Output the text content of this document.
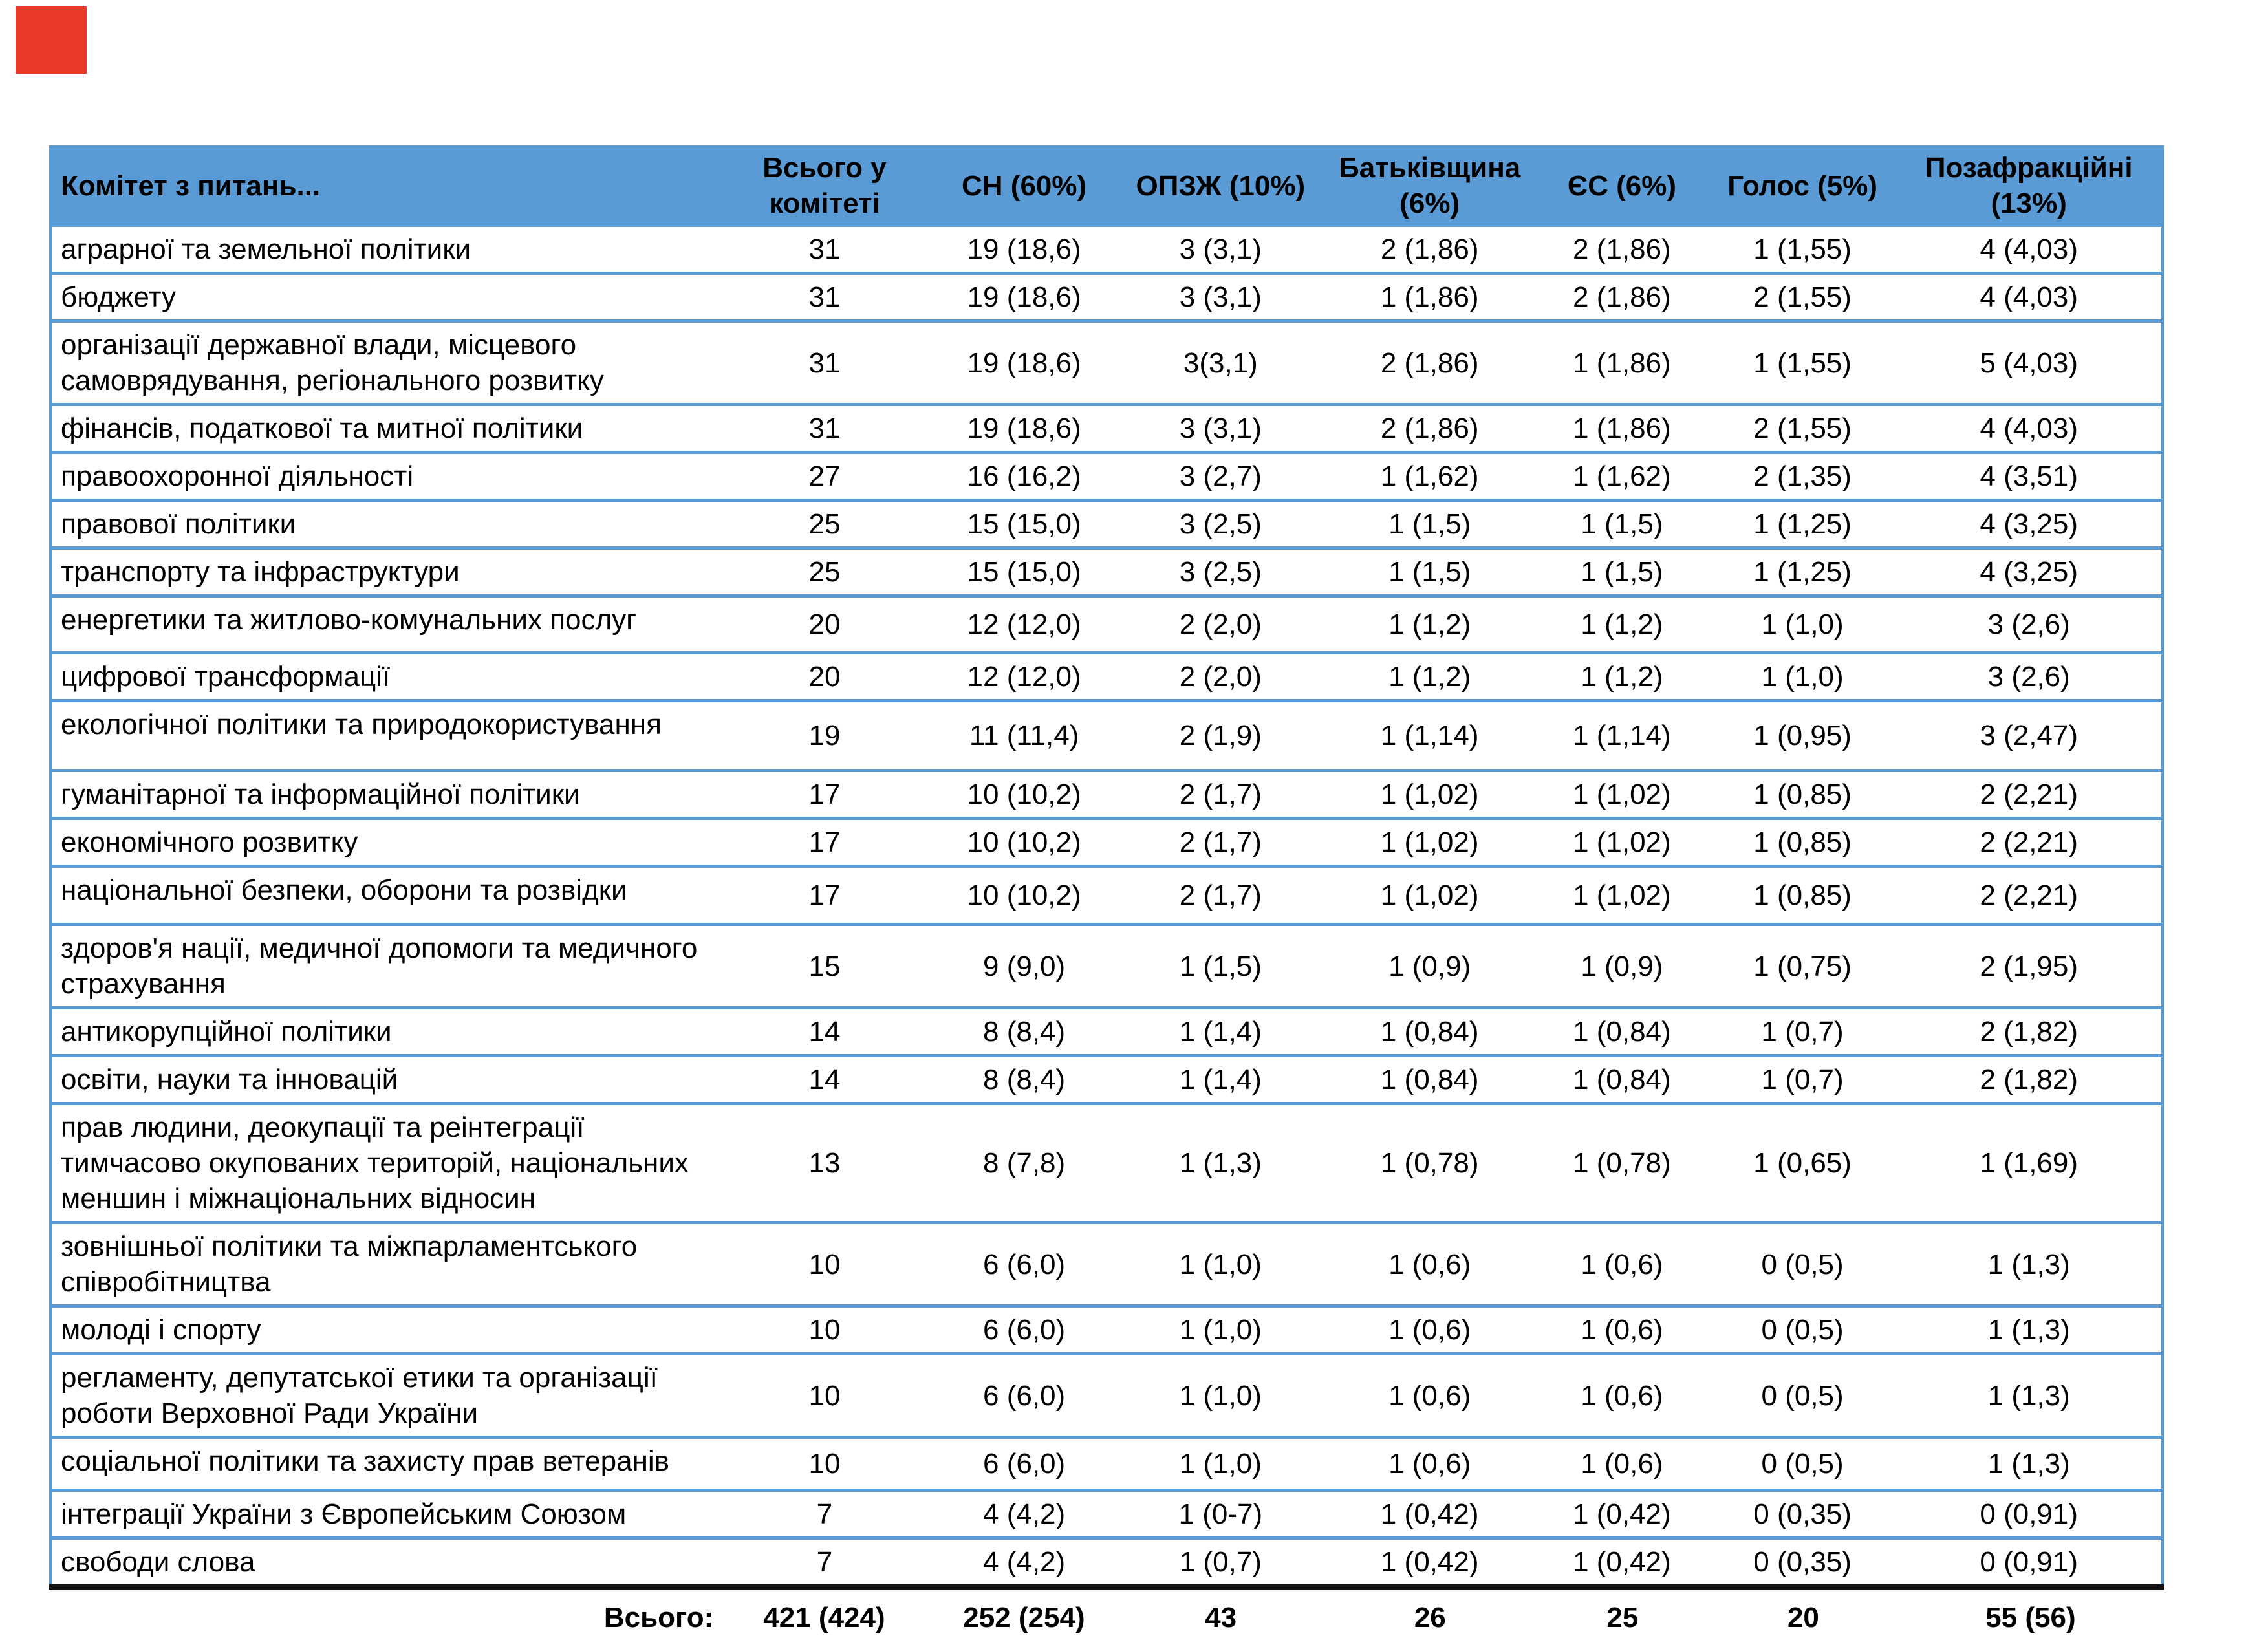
Комітет з питань...	Всього у комітеті	СН (60%)	ОПЗЖ (10%)	Батьківщина (6%)	ЄС (6%)	Голос (5%)	Позафракційні (13%)
аграрної та земельної політики	31	19 (18,6)	3 (3,1)	2 (1,86)	2 (1,86)	1 (1,55)	4 (4,03)
бюджету	31	19 (18,6)	3 (3,1)	1 (1,86)	2 (1,86)	2 (1,55)	4 (4,03)
організації державної влади, місцевого самоврядування, регіонального розвитку	31	19 (18,6)	3(3,1)	2 (1,86)	1 (1,86)	1 (1,55)	5 (4,03)
фінансів, податкової та митної політики	31	19 (18,6)	3 (3,1)	2 (1,86)	1 (1,86)	2 (1,55)	4 (4,03)
правоохоронної діяльності	27	16 (16,2)	3 (2,7)	1 (1,62)	1 (1,62)	2 (1,35)	4 (3,51)
правової політики	25	15 (15,0)	3 (2,5)	1 (1,5)	1 (1,5)	1 (1,25)	4 (3,25)
транспорту та інфраструктури	25	15 (15,0)	3 (2,5)	1 (1,5)	1 (1,5)	1 (1,25)	4 (3,25)
енергетики та житлово-комунальних послуг	20	12 (12,0)	2 (2,0)	1 (1,2)	1 (1,2)	1 (1,0)	3 (2,6)
цифрової трансформації	20	12 (12,0)	2 (2,0)	1 (1,2)	1 (1,2)	1 (1,0)	3 (2,6)
екологічної політики та природокористування	19	11 (11,4)	2 (1,9)	1 (1,14)	1 (1,14)	1 (0,95)	3 (2,47)
гуманітарної та інформаційної політики	17	10 (10,2)	2 (1,7)	1 (1,02)	1 (1,02)	1 (0,85)	2 (2,21)
економічного розвитку	17	10 (10,2)	2 (1,7)	1 (1,02)	1 (1,02)	1 (0,85)	2 (2,21)
національної безпеки, оборони та розвідки	17	10 (10,2)	2 (1,7)	1 (1,02)	1 (1,02)	1 (0,85)	2 (2,21)
здоров'я нації, медичної допомоги та медичного страхування	15	9 (9,0)	1 (1,5)	1 (0,9)	1 (0,9)	1 (0,75)	2 (1,95)
антикорупційної політики	14	8 (8,4)	1 (1,4)	1 (0,84)	1 (0,84)	1 (0,7)	2 (1,82)
освіти, науки та інновацій	14	8 (8,4)	1 (1,4)	1 (0,84)	1 (0,84)	1 (0,7)	2 (1,82)
прав людини, деокупації та реінтеграції тимчасово окупованих територій, національних меншин і міжнаціональних відносин	13	8 (7,8)	1 (1,3)	1 (0,78)	1 (0,78)	1 (0,65)	1 (1,69)
зовнішньої політики та міжпарламентського співробітництва	10	6 (6,0)	1 (1,0)	1 (0,6)	1 (0,6)	0 (0,5)	1 (1,3)
молоді і спорту	10	6 (6,0)	1 (1,0)	1 (0,6)	1 (0,6)	0 (0,5)	1 (1,3)
регламенту, депутатської етики та організації роботи Верховної Ради України	10	6 (6,0)	1 (1,0)	1 (0,6)	1 (0,6)	0 (0,5)	1 (1,3)
соціальної політики та захисту прав ветеранів	10	6 (6,0)	1 (1,0)	1 (0,6)	1 (0,6)	0 (0,5)	1 (1,3)
інтеграції України з Європейським Союзом	7	4 (4,2)	1 (0-7)	1 (0,42)	1 (0,42)	0 (0,35)	0 (0,91)
свободи слова	7	4 (4,2)	1 (0,7)	1 (0,42)	1 (0,42)	0 (0,35)	0 (0,91)
Всього:	421 (424)	252 (254)	43	26	25	20	55 (56)
